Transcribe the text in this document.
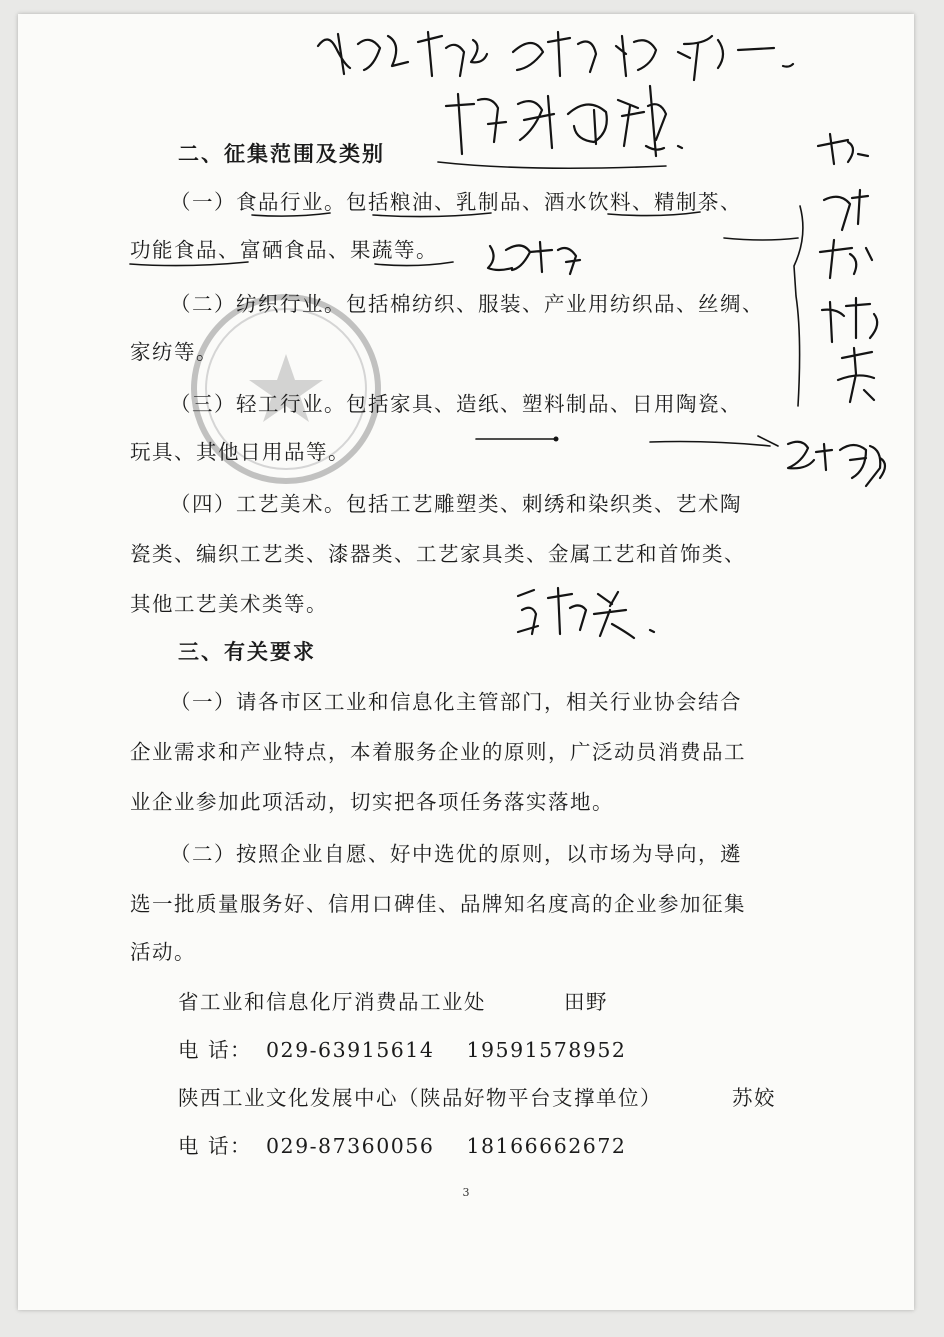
二、征集范围及类别
（一）食品行业。包括粮油、乳制品、酒水饮料、精制茶、
功能食品、富硒食品、果蔬等。
（二）纺织行业。包括棉纺织、服装、产业用纺织品、丝绸、
家纺等。
（三）轻工行业。包括家具、造纸、塑料制品、日用陶瓷、
玩具、其他日用品等。
（四）工艺美术。包括工艺雕塑类、刺绣和染织类、艺术陶
瓷类、编织工艺类、漆器类、工艺家具类、金属工艺和首饰类、
其他工艺美术类等。
三、有关要求
（一）请各市区工业和信息化主管部门，相关行业协会结合
企业需求和产业特点，本着服务企业的原则，广泛动员消费品工
业企业参加此项活动，切实把各项任务落实落地。
（二）按照企业自愿、好中选优的原则，以市场为导向，遴
选一批质量服务好、信用口碑佳、品牌知名度高的企业参加征集
活动。
省工业和信息化厅消费品工业处	田野
电 话： 029-63915614    19591578952
陕西工业文化发展中心（陕品好物平台支撑单位）	苏姣
电 话： 029-87360056    18166662672
3
